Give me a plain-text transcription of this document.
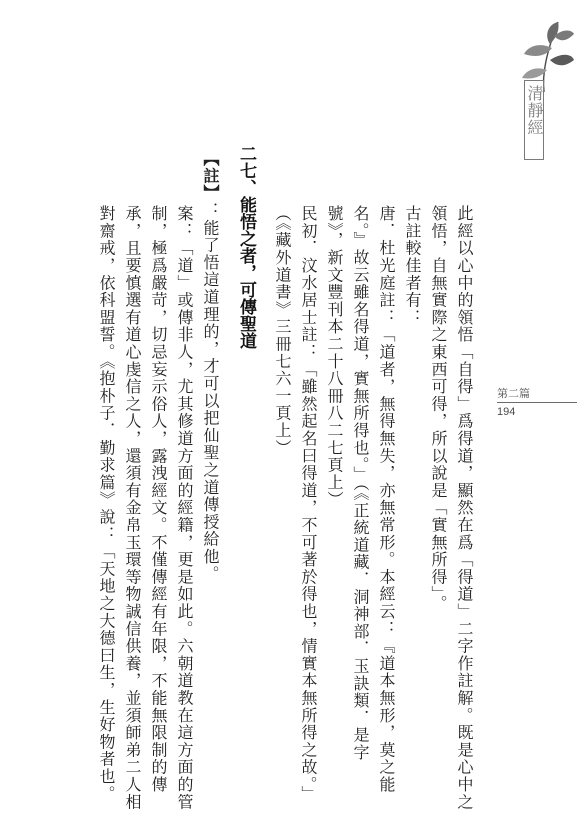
清靜經
第二篇
194
此經以心中的領悟「自得」爲得道，顯然在爲「得道」二字作註解。既是心中之
領悟，自無實際之東西可得，所以說是「實無所得」。
古註較佳者有：
唐．杜光庭註：「道者，無得無失，亦無常形。本經云：『道本無形，莫之能
名。』故云雖名得道，實無所得也。」（《正統道藏．洞神部．玉訣類．是字
號》，新文豐刊本二十八冊八二七頁上）
民初．汶水居士註：「雖然起名曰得道，不可著於得也，情實本無所得之故。」
（《藏外道書》三冊七六一頁上）
二七、能悟之者，可傳聖道
【註】：能了悟這道理的，才可以把仙聖之道傳授給他。
案：「道」或傳非人，尤其修道方面的經籍，更是如此。六朝道教在這方面的管
制，極爲嚴苛，切忌妄示俗人，露洩經文。不僅傳經有年限，不能無限制的傳
承，且要慎選有道心虔信之人，還須有金帛玉環等物誠信供養，並須師弟二人相
對齋戒，依科盟誓。《抱朴子．勤求篇》說：「天地之大德曰生，生好物者也。
